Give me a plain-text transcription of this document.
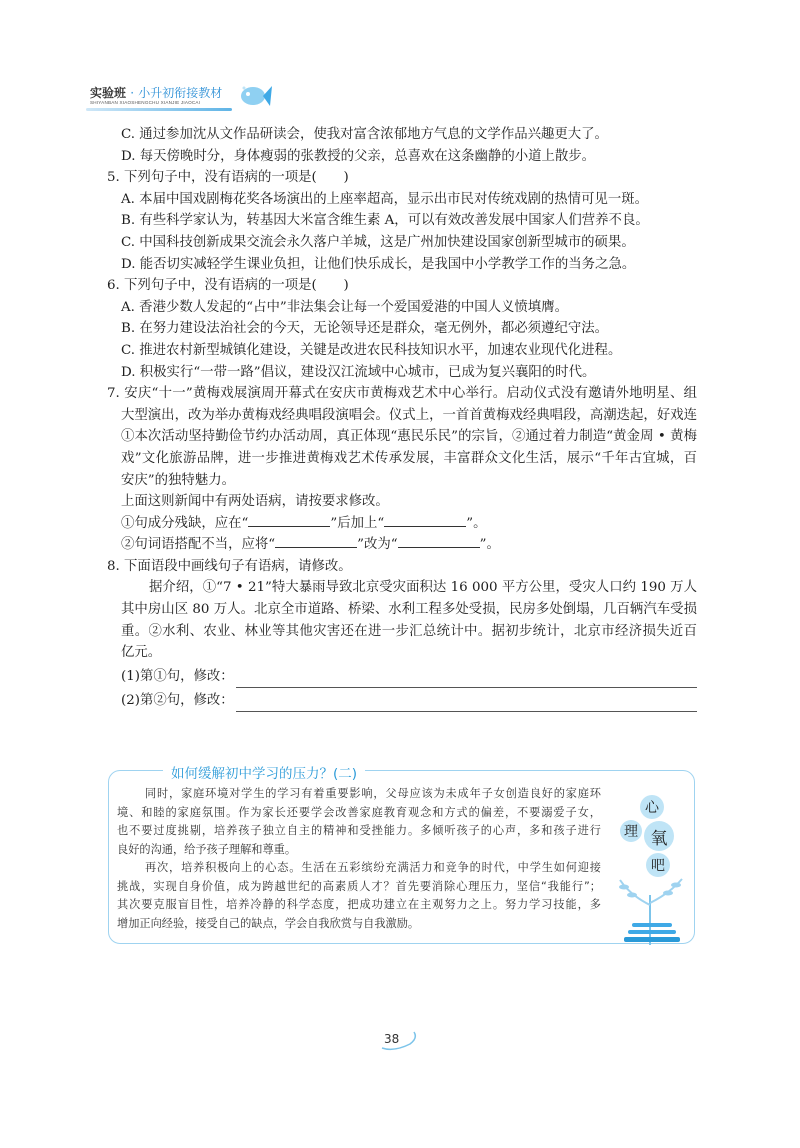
实验班 · 小升初衔接教材
SHIYANBAN XIAOSHENGCHU XIANJIE JIAOCAI
C. 通过参加沈从文作品研读会，使我对富含浓郁地方气息的文学作品兴趣更大了。
D. 每天傍晚时分，身体瘦弱的张教授的父亲，总喜欢在这条幽静的小道上散步。
5. 下列句子中，没有语病的一项是(　　)
A. 本届中国戏剧梅花奖各场演出的上座率超高，显示出市民对传统戏剧的热情可见一斑。
B. 有些科学家认为，转基因大米富含维生素 A，可以有效改善发展中国家人们营养不良。
C. 中国科技创新成果交流会永久落户羊城，这是广州加快建设国家创新型城市的硕果。
D. 能否切实减轻学生课业负担，让他们快乐成长，是我国中小学教学工作的当务之急。
6. 下列句子中，没有语病的一项是(　　)
A. 香港少数人发起的“占中”非法集会让每一个爱国爱港的中国人义愤填膺。
B. 在努力建设法治社会的今天，无论领导还是群众，毫无例外，都必须遵纪守法。
C. 推进农村新型城镇化建设，关键是改进农民科技知识水平，加速农业现代化进程。
D. 积极实行“一带一路”倡议，建设汉江流域中心城市，已成为复兴襄阳的时代。
7. 安庆“十一”黄梅戏展演周开幕式在安庆市黄梅戏艺术中心举行。启动仪式没有邀请外地明星、组
大型演出，改为举办黄梅戏经典唱段演唱会。仪式上，一首首黄梅戏经典唱段，高潮迭起，好戏连
①本次活动坚持勤俭节约办活动周，真正体现“惠民乐民”的宗旨，②通过着力制造“黄金周 • 黄梅
戏”文化旅游品牌，进一步推进黄梅戏艺术传承发展，丰富群众文化生活，展示“千年古宜城，百
安庆”的独特魅力。
上面这则新闻中有两处语病，请按要求修改。
①句成分残缺，应在“	”后加上“	”。
②句词语搭配不当，应将“	”改为“	”。
8. 下面语段中画线句子有语病，请修改。
据介绍，①“7 • 21”特大暴雨导致北京受灾面积达 16 000 平方公里，受灾人口约 190 万人
其中房山区 80 万人。北京全市道路、桥梁、水利工程多处受损，民房多处倒塌，几百辆汽车受损
重。②水利、农业、林业等其他灾害还在进一步汇总统计中。据初步统计，北京市经济损失近百
亿元。
(1)第①句，修改：
(2)第②句，修改：
如何缓解初中学习的压力？(二)
同时，家庭环境对学生的学习有着重要影响，父母应该为未成年子女创造良好的家庭环
境、和睦的家庭氛围。作为家长还要学会改善家庭教育观念和方式的偏差，不要溺爱子女，
也不要过度挑剔，培养孩子独立自主的精神和受挫能力。多倾听孩子的心声，多和孩子进行
良好的沟通，给予孩子理解和尊重。
再次，培养积极向上的心态。生活在五彩缤纷充满活力和竞争的时代，中学生如何迎接
挑战，实现自身价值，成为跨越世纪的高素质人才？首先要消除心理压力，坚信“我能行”；
其次要克服盲目性，培养冷静的科学态度，把成功建立在主观努力之上。努力学习技能，多
增加正向经验，接受自己的缺点，学会自我欣赏与自我激励。
心
理 氧
吧
38
